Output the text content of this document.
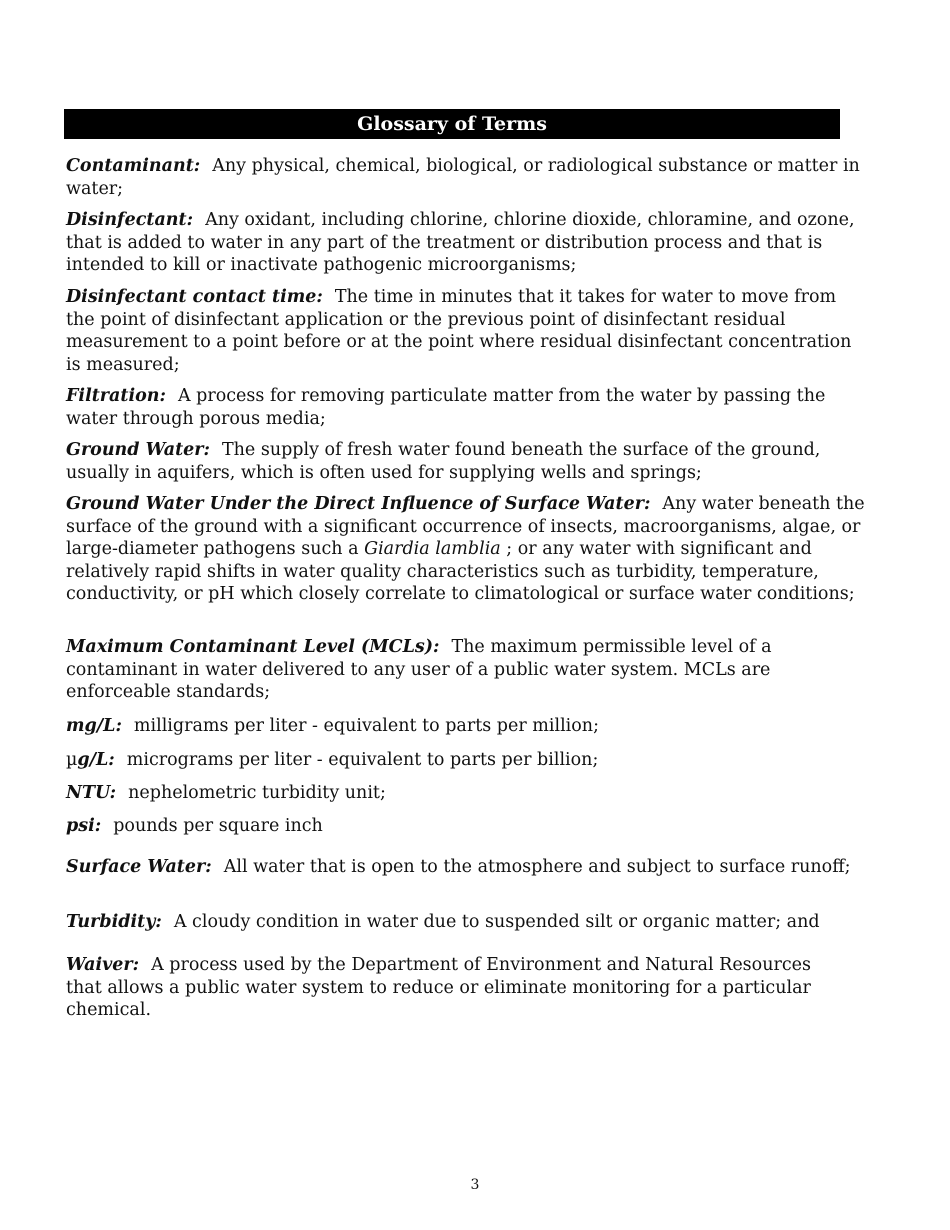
Glossary of Terms

Contaminant: Any physical, chemical, biological, or radiological substance or matter in water;

Disinfectant: Any oxidant, including chlorine, chlorine dioxide, chloramine, and ozone, that is added to water in any part of the treatment or distribution process and that is intended to kill or inactivate pathogenic microorganisms;

Disinfectant contact time: The time in minutes that it takes for water to move from the point of disinfectant application or the previous point of disinfectant residual measurement to a point before or at the point where residual disinfectant concentration is measured;

Filtration: A process for removing particulate matter from the water by passing the water through porous media;

Ground Water: The supply of fresh water found beneath the surface of the ground, usually in aquifers, which is often used for supplying wells and springs;

Ground Water Under the Direct Influence of Surface Water: Any water beneath the surface of the ground with a significant occurrence of insects, macroorganisms, algae, or large-diameter pathogens such a Giardia lamblia ; or any water with significant and relatively rapid shifts in water quality characteristics such as turbidity, temperature, conductivity, or pH which closely correlate to climatological or surface water conditions;

Maximum Contaminant Level (MCLs): The maximum permissible level of a contaminant in water delivered to any user of a public water system. MCLs are enforceable standards;

mg/L: milligrams per liter - equivalent to parts per million;

µg/L: micrograms per liter - equivalent to parts per billion;

NTU: nephelometric turbidity unit;

psi: pounds per square inch

Surface Water: All water that is open to the atmosphere and subject to surface runoff;

Turbidity: A cloudy condition in water due to suspended silt or organic matter; and

Waiver: A process used by the Department of Environment and Natural Resources that allows a public water system to reduce or eliminate monitoring for a particular chemical.

3
